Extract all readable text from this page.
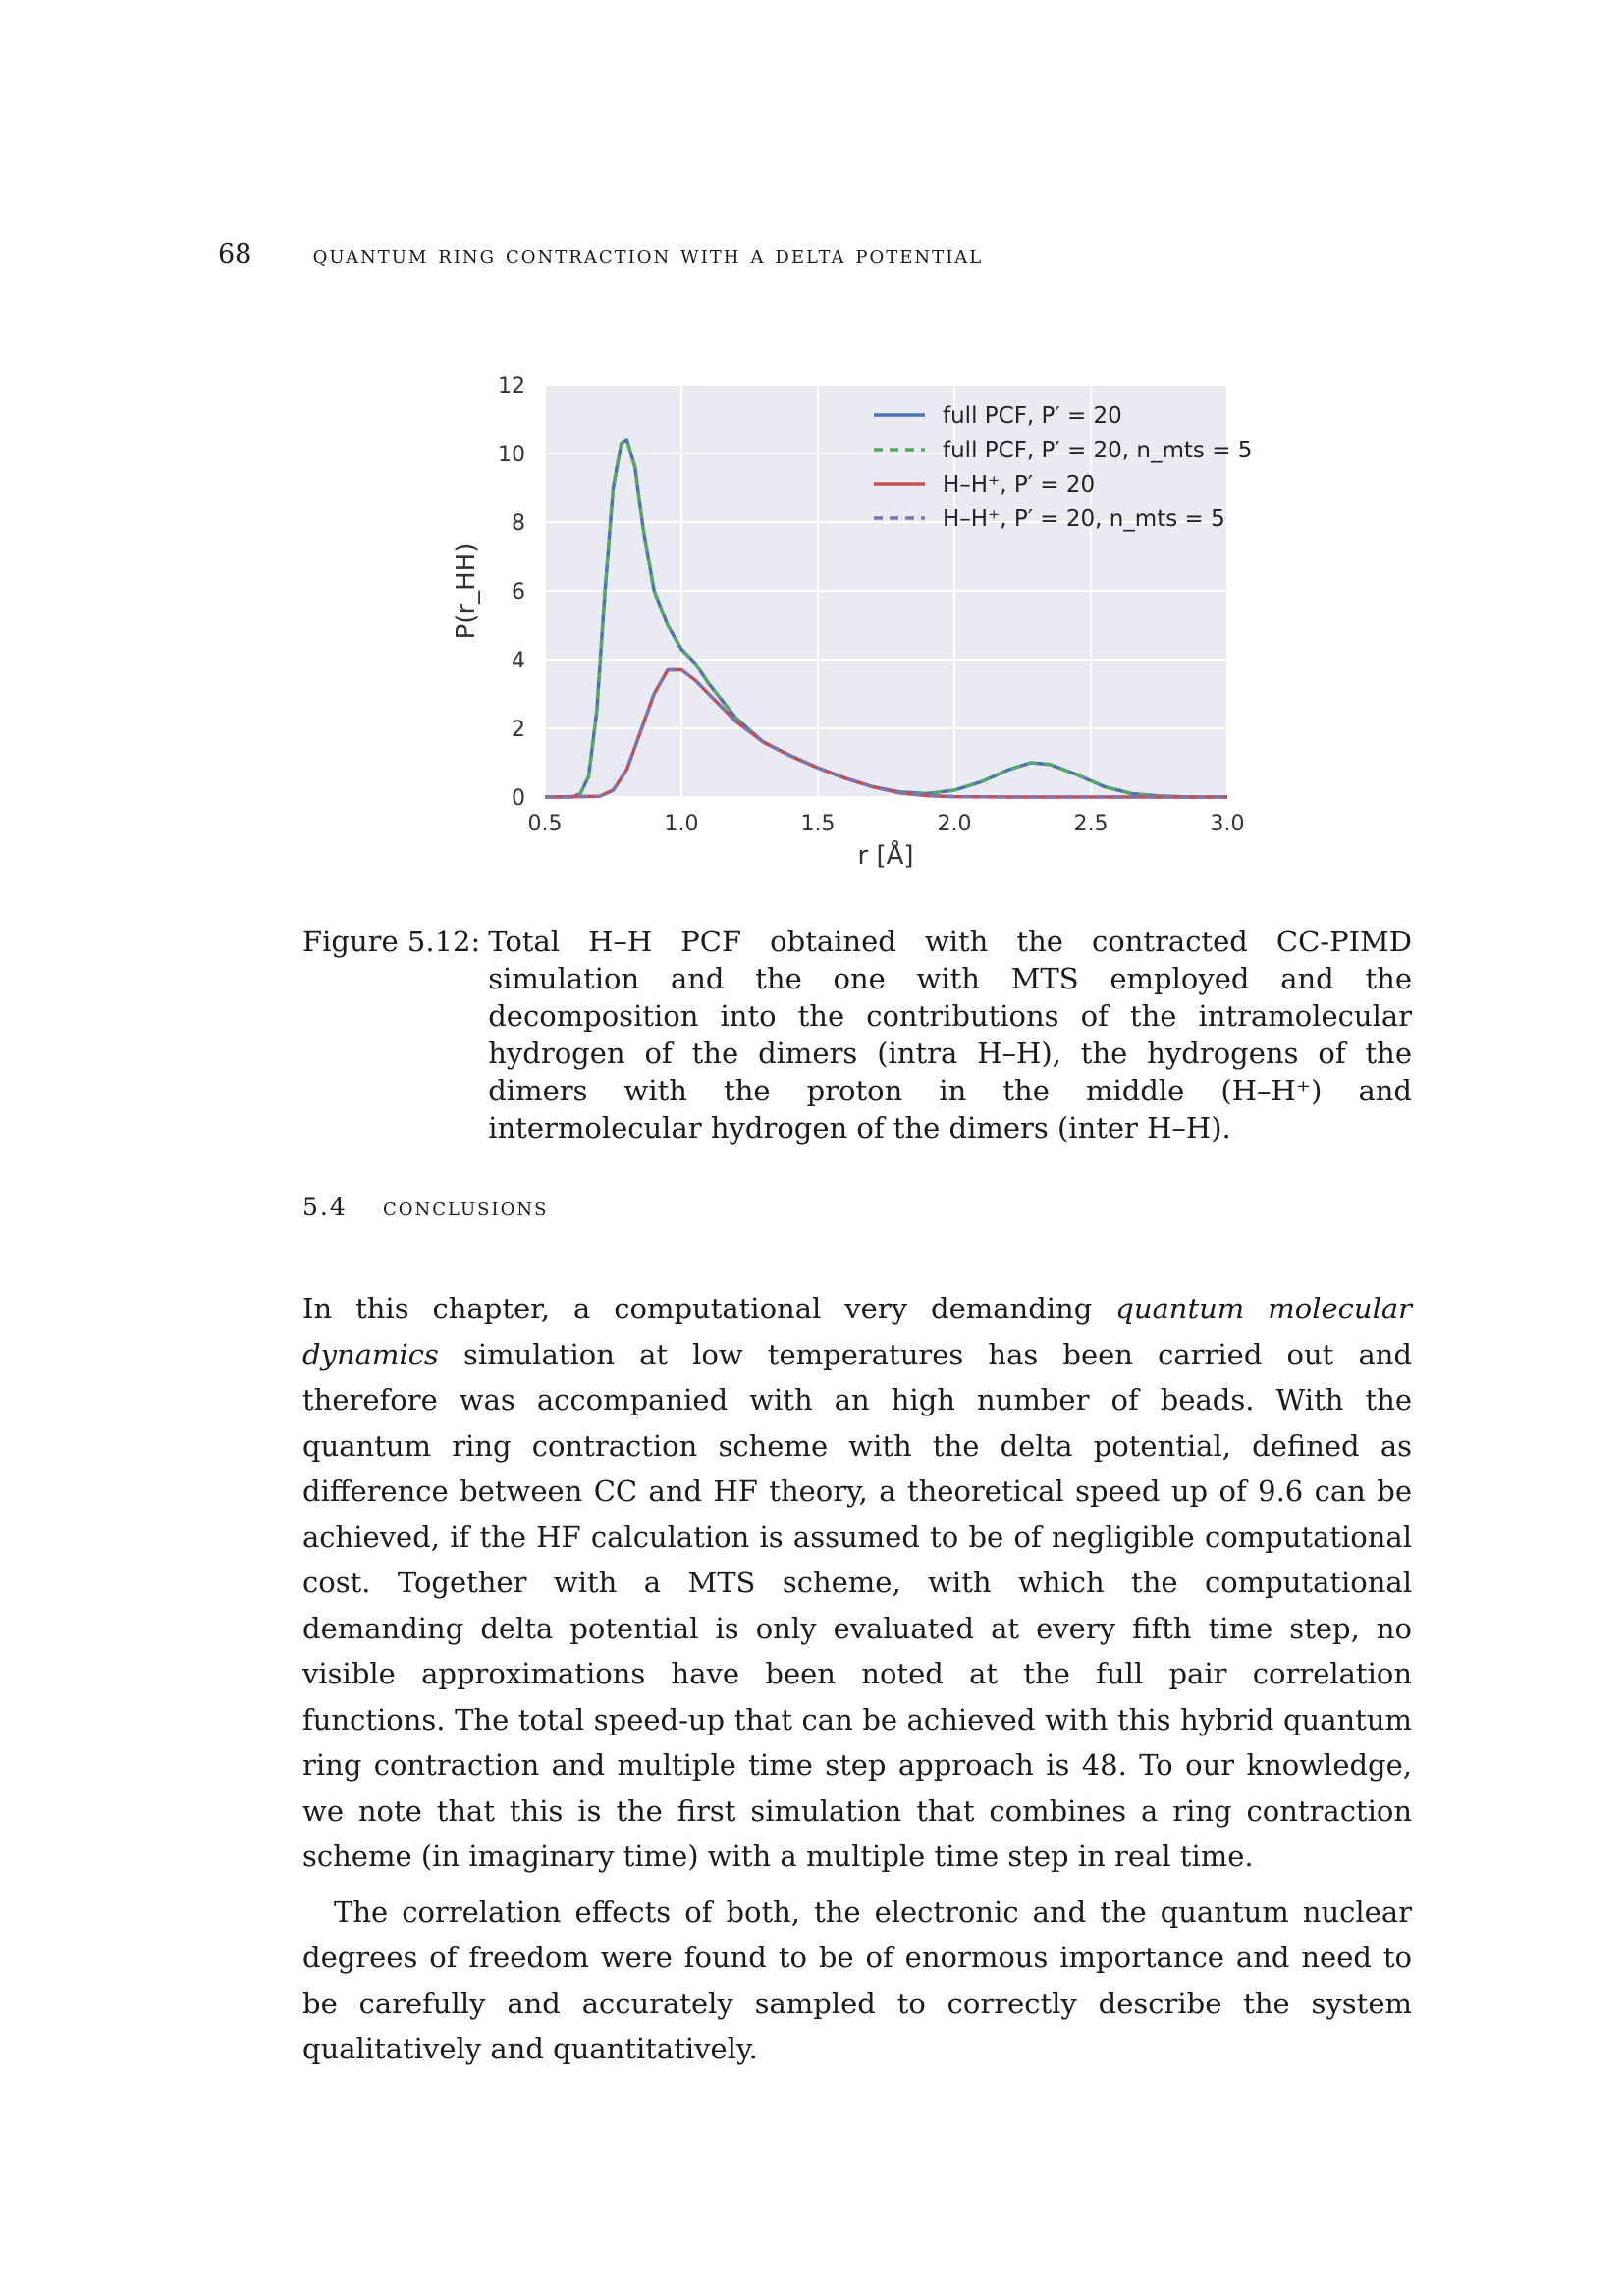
68 quantum ring contraction with a delta potential
0.5	1.0	1.5	2.0	2.5	3.0
0
2
4
6
8
10
12
r [Å]
P(r_HH)
full PCF, P′ = 20
full PCF, P′ = 20, n_mts = 5
H–H⁺, P′ = 20
H–H⁺, P′ = 20, n_mts = 5
Figure 5.12: Total H–H PCF obtained with the contracted CC-PIMD simulation and the one with MTS employed and the decomposition into the contributions of the intramolecular hydrogen of the dimers (intra H–H), the hydrogens of the dimers with the proton in the middle (H–H⁺) and intermolecular hydrogen of the dimers (inter H–H).
5.4 conclusions

In this chapter, a computational very demanding quantum molecular dynamics simulation at low temperatures has been carried out and therefore was accompanied with an high number of beads. With the quantum ring contraction scheme with the delta potential, defined as difference between CC and HF theory, a theoretical speed up of 9.6 can be achieved, if the HF calculation is assumed to be of negligible computational cost. Together with a MTS scheme, with which the computational demanding delta potential is only evaluated at every fifth time step, no visible approximations have been noted at the full pair correlation functions. The total speed-up that can be achieved with this hybrid quantum ring contraction and multiple time step approach is 48. To our knowledge, we note that this is the first simulation that combines a ring contraction scheme (in imaginary time) with a multiple time step in real time.

The correlation effects of both, the electronic and the quantum nuclear degrees of freedom were found to be of enormous importance and need to be carefully and accurately sampled to correctly describe the system qualitatively and quantitatively.
